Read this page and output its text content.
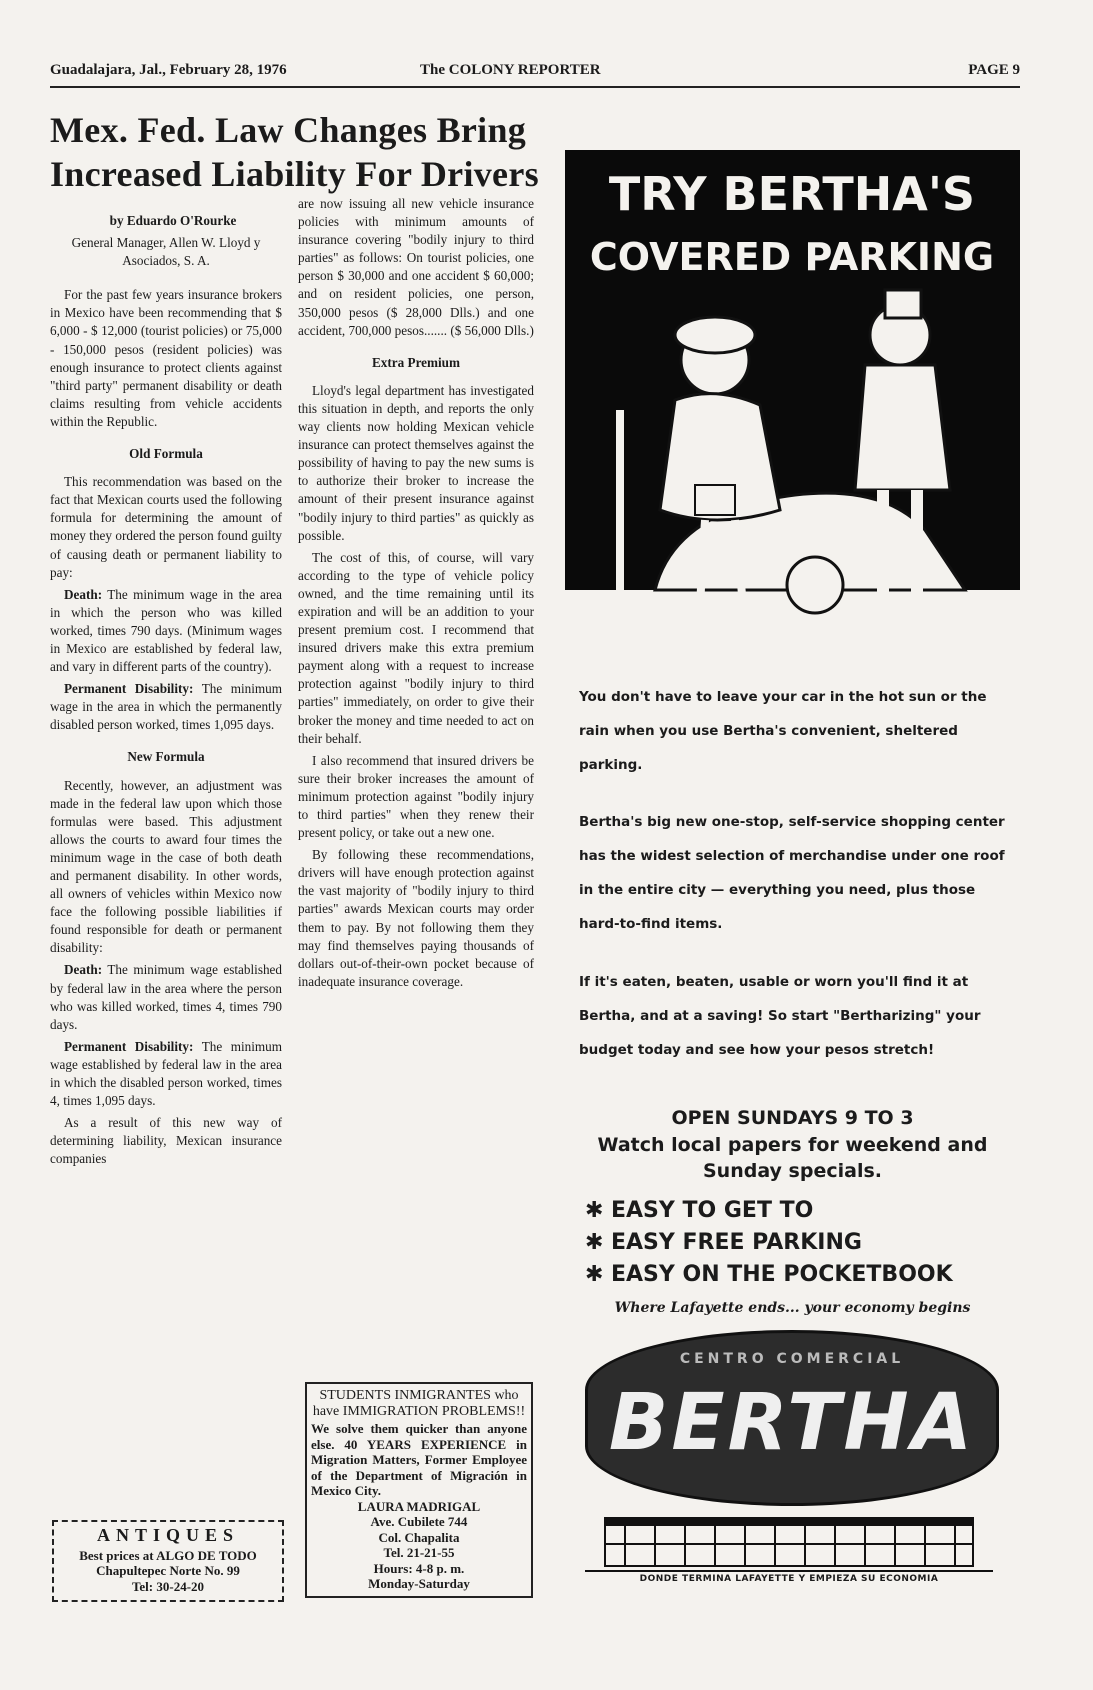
Guadalajara, Jal., February 28, 1976	The COLONY REPORTER	PAGE 9
Mex. Fed. Law Changes Bring
Increased Liability For Drivers

by Eduardo O'Rourke

General Manager, Allen W. Lloyd y Asociados, S. A.

For the past few years insurance brokers in Mexico have been recommending that $ 6,000 - $ 12,000 (tourist policies) or 75,000 - 150,000 pesos (resident policies) was enough insurance to protect clients against "third party" permanent disability or death claims resulting from vehicle accidents within the Republic.

Old Formula

This recommendation was based on the fact that Mexican courts used the following formula for determining the amount of money they ordered the person found guilty of causing death or permanent liability to pay:

Death: The minimum wage in the area in which the person who was killed worked, times 790 days. (Minimum wages in Mexico are established by federal law, and vary in different parts of the country).

Permanent Disability: The minimum wage in the area in which the permanently disabled person worked, times 1,095 days.

New Formula

Recently, however, an adjustment was made in the federal law upon which those formulas were based. This adjustment allows the courts to award four times the minimum wage in the case of both death and permanent disability. In other words, all owners of vehicles within Mexico now face the following possible liabilities if found responsible for death or permanent disability:

Death: The minimum wage established by federal law in the area where the person who was killed worked, times 4, times 790 days.

Permanent Disability: The minimum wage established by federal law in the area in which the disabled person worked, times 4, times 1,095 days.

As a result of this new way of determining liability, Mexican insurance companies

are now issuing all new vehicle insurance policies with minimum amounts of insurance covering "bodily injury to third parties" as follows: On tourist policies, one person $ 30,000 and one accident $ 60,000; and on resident policies, one person, 350,000 pesos ($ 28,000 Dlls.) and one accident, 700,000 pesos....... ($ 56,000 Dlls.)

Extra Premium

Lloyd's legal department has investigated this situation in depth, and reports the only way clients now holding Mexican vehicle insurance can protect themselves against the possibility of having to pay the new sums is to authorize their broker to increase the amount of their present insurance against "bodily injury to third parties" as quickly as possible.

The cost of this, of course, will vary according to the type of vehicle policy owned, and the time remaining until its expiration and will be an addition to your present premium cost. I recommend that insured drivers make this extra premium payment along with a request to increase protection against "bodily injury to third parties" immediately, on order to give their broker the money and time needed to act on their behalf.

I also recommend that insured drivers be sure their broker increases the amount of minimum protection against "bodily injury to third parties" when they renew their present policy, or take out a new one.

By following these recommendations, drivers will have enough protection against the vast majority of "bodily injury to third parties" awards Mexican courts may order them to pay. By not following them they may find themselves paying thousands of dollars out-of-their-own pocket because of inadequate insurance coverage.

ANTIQUES
Best prices at ALGO DE TODO
Chapultepec Norte No. 99
Tel: 30-24-20
STUDENTS INMIGRANTES who have IMMIGRATION PROBLEMS!!
We solve them quicker than anyone else. 40 YEARS EXPERIENCE in Migration Matters, Former Employee of the Department of Migración in Mexico City.
LAURA MADRIGAL
Ave. Cubilete 744
Col. Chapalita
Tel. 21-21-55
Hours: 4-8 p. m.
Monday-Saturday
TRY BERTHA'S
COVERED PARKING
You don't have to leave your car in the hot sun or the rain when you use Bertha's convenient, sheltered parking.
Bertha's big new one-stop, self-service shopping center has the widest selection of merchandise under one roof in the entire city — everything you need, plus those hard-to-find items.
If it's eaten, beaten, usable or worn you'll find it at Bertha, and at a saving! So start "Bertharizing" your budget today and see how your pesos stretch!
OPEN SUNDAYS 9 TO 3
Watch local papers for weekend and Sunday specials.
✱ EASY TO GET TO
✱ EASY FREE PARKING
✱ EASY ON THE POCKETBOOK
Where Lafayette ends... your economy begins
CENTRO COMERCIAL
BERTHA
DONDE TERMINA LAFAYETTE Y EMPIEZA SU ECONOMIA
